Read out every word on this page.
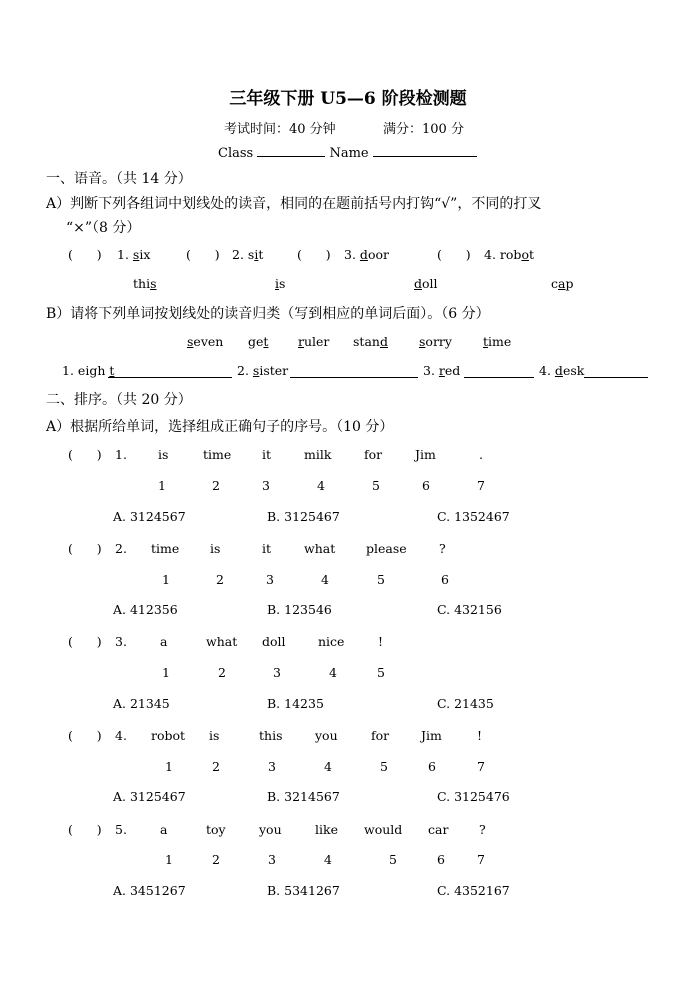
三年级下册 U5—6 阶段检测题
考试时间：40 分钟	满分：100 分
Class	Name
一、语音。（共 14 分）
A）判断下列各组词中划线处的读音，相同的在题前括号内打钩“√”，不同的打叉
“×”（8 分）
(      ) 1. six	(      ) 2. sit	(      ) 3. door	(      ) 4. robot
this	is	doll	cap
B）请将下列单词按划线处的读音归类（写到相应的单词后面）。（6 分）
seven get ruler stand sorry time
1. eigh t	2. sister	3. red	4. desk
二、排序。（共 20 分）
A）根据所给单词，选择组成正确句子的序号。（10 分）
(      ) 1. is	time it	milk	for	Jim	.
1	2	3	4	5	6	7
A. 3124567	B. 3125467	C. 1352467
(      ) 2. time is	it	what please	?
1	2	3	4	5	6
A. 412356	B. 123546	C. 432156
(      ) 3.	a	what doll	nice	!
1	2	3	4	5
A. 21345	B. 14235	C. 21435
(      ) 4. robot is	this	you	for	Jim	!
1	2	3	4	5	6	7
A. 3125467	B. 3214567	C. 3125476
(      ) 5.	a	toy	you	like would car ?
1	2	3	4	5	6	7
A. 3451267	B. 5341267	C. 4352167
